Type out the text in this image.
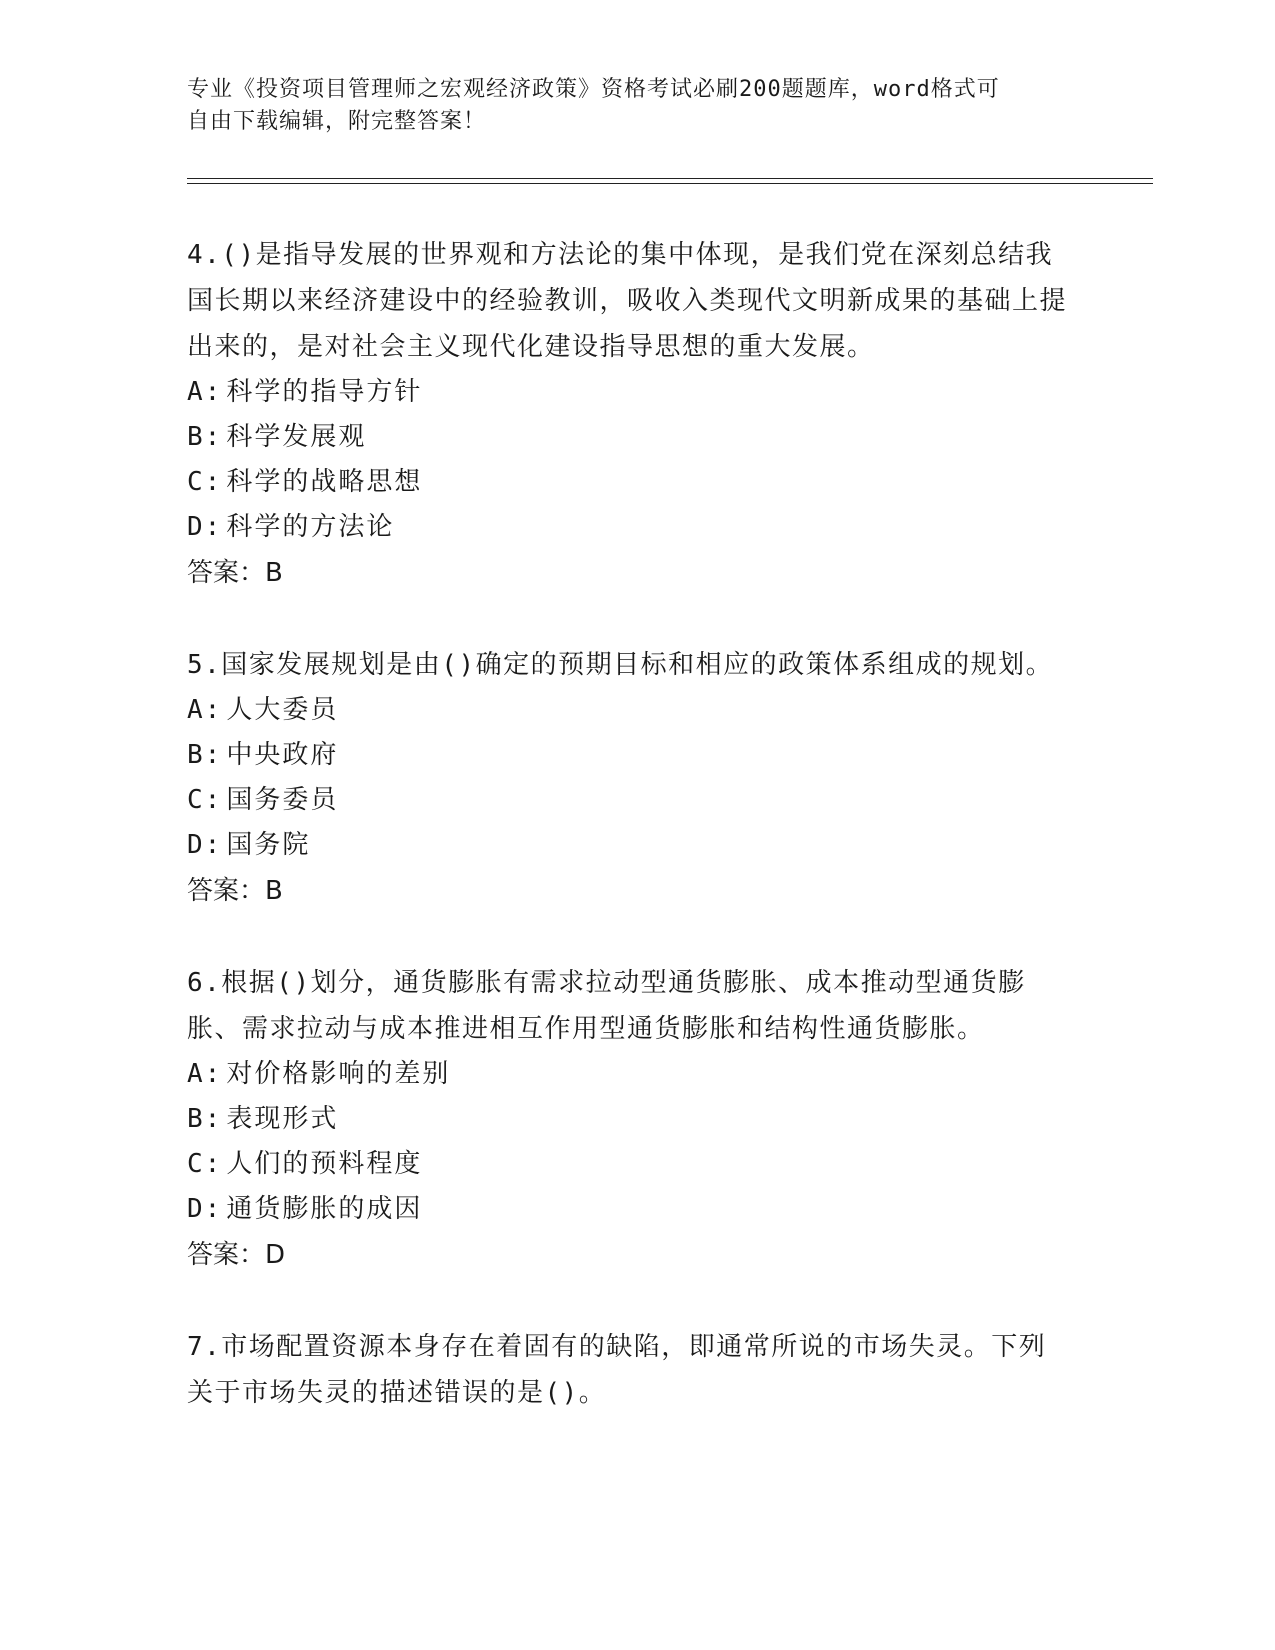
专业《投资项目管理师之宏观经济政策》资格考试必刷200题题库，word格式可
自由下载编辑，附完整答案！

4.()是指导发展的世界观和方法论的集中体现，是我们党在深刻总结我国长期以来经济建设中的经验教训，吸收入类现代文明新成果的基础上提出来的，是对社会主义现代化建设指导思想的重大发展。

A: 科学的指导方针

B: 科学发展观

C: 科学的战略思想

D: 科学的方法论

答案：B

5.国家发展规划是由()确定的预期目标和相应的政策体系组成的规划。

A: 人大委员

B: 中央政府

C: 国务委员

D: 国务院

答案：B

6.根据()划分，通货膨胀有需求拉动型通货膨胀、成本推动型通货膨胀、需求拉动与成本推进相互作用型通货膨胀和结构性通货膨胀。

A: 对价格影响的差别

B: 表现形式

C: 人们的预料程度

D: 通货膨胀的成因

答案：D

7.市场配置资源本身存在着固有的缺陷，即通常所说的市场失灵。下列关于市场失灵的描述错误的是()。
